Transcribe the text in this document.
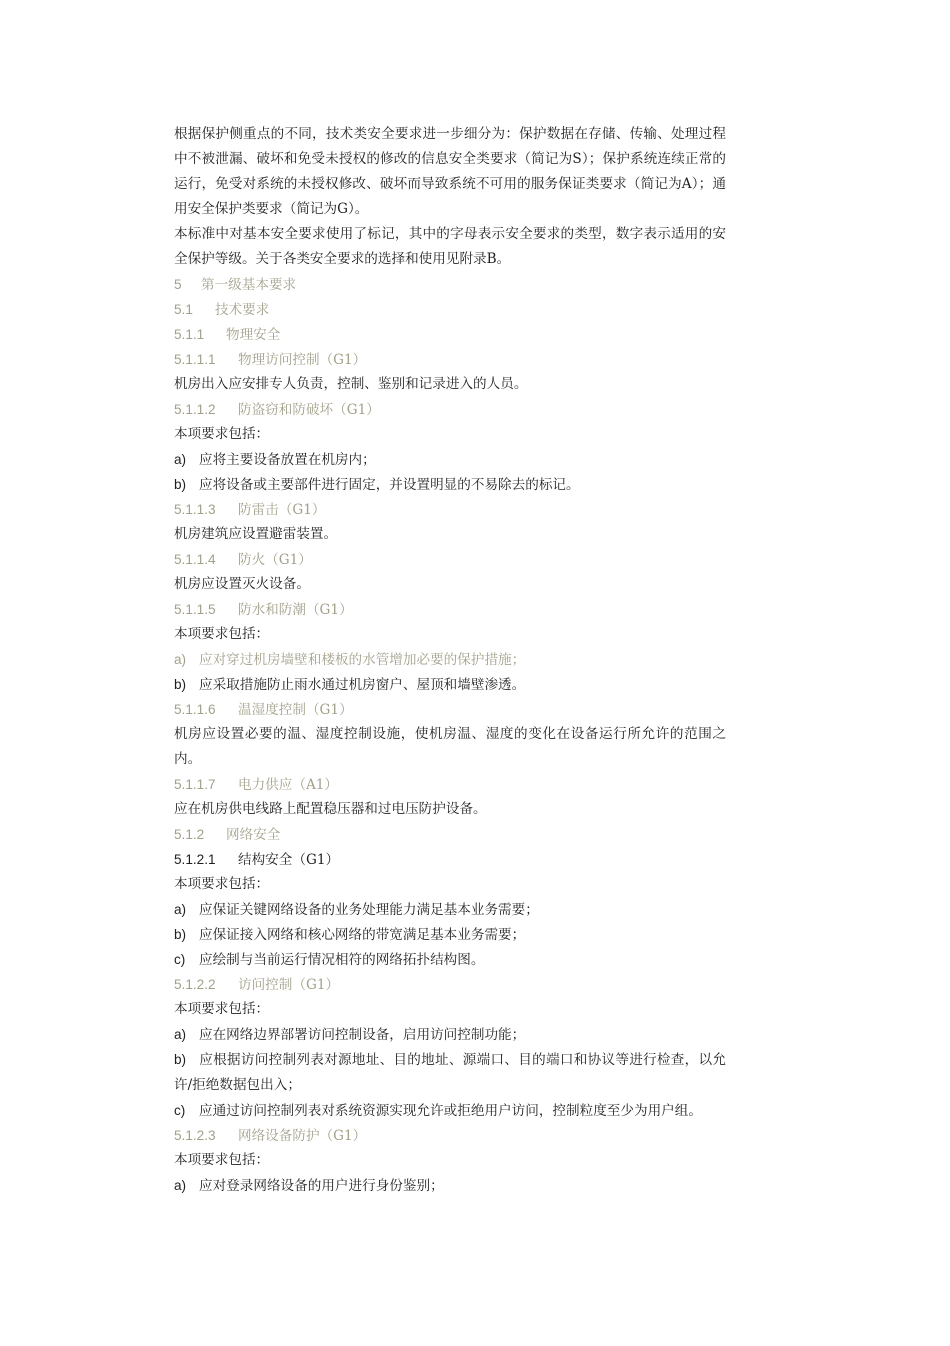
根据保护侧重点的不同，技术类安全要求进一步细分为：保护数据在存储、传输、处理过程中不被泄漏、破坏和免受未授权的修改的信息安全类要求（简记为S）；保护系统连续正常的运行，免受对系统的未授权修改、破坏而导致系统不可用的服务保证类要求（简记为A）；通用安全保护类要求（简记为G）。
本标准中对基本安全要求使用了标记，其中的字母表示安全要求的类型，数字表示适用的安全保护等级。关于各类安全要求的选择和使用见附录B。
5 第一级基本要求
5.1 技术要求
5.1.1 物理安全
5.1.1.1 物理访问控制（G1）
机房出入应安排专人负责，控制、鉴别和记录进入的人员。
5.1.1.2 防盗窃和防破坏（G1）
本项要求包括：
a) 应将主要设备放置在机房内；
b) 应将设备或主要部件进行固定，并设置明显的不易除去的标记。
5.1.1.3 防雷击（G1）
机房建筑应设置避雷装置。
5.1.1.4 防火（G1）
机房应设置灭火设备。
5.1.1.5 防水和防潮（G1）
本项要求包括：
a) 应对穿过机房墙壁和楼板的水管增加必要的保护措施；
b) 应采取措施防止雨水通过机房窗户、屋顶和墙壁渗透。
5.1.1.6 温湿度控制（G1）
机房应设置必要的温、湿度控制设施，使机房温、湿度的变化在设备运行所允许的范围之内。
5.1.1.7 电力供应（A1）
应在机房供电线路上配置稳压器和过电压防护设备。
5.1.2 网络安全
5.1.2.1 结构安全（G1）
本项要求包括：
a) 应保证关键网络设备的业务处理能力满足基本业务需要；
b) 应保证接入网络和核心网络的带宽满足基本业务需要；
c) 应绘制与当前运行情况相符的网络拓扑结构图。
5.1.2.2 访问控制（G1）
本项要求包括：
a) 应在网络边界部署访问控制设备，启用访问控制功能；
b) 应根据访问控制列表对源地址、目的地址、源端口、目的端口和协议等进行检查，以允许/拒绝数据包出入；
c) 应通过访问控制列表对系统资源实现允许或拒绝用户访问，控制粒度至少为用户组。
5.1.2.3 网络设备防护（G1）
本项要求包括：
a) 应对登录网络设备的用户进行身份鉴别；
